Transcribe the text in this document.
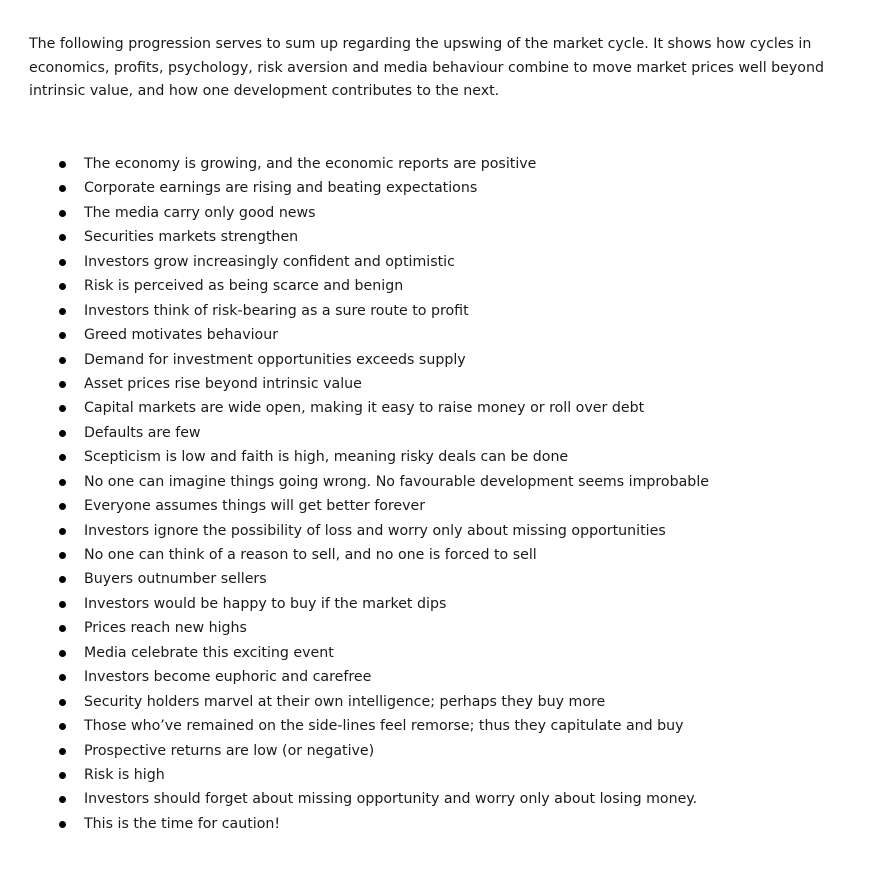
The following progression serves to sum up regarding the upswing of the market cycle. It shows how cycles in economics, profits, psychology, risk aversion and media behaviour combine to move market prices well beyond intrinsic value, and how one development contributes to the next.

The economy is growing, and the economic reports are positive
Corporate earnings are rising and beating expectations
The media carry only good news
Securities markets strengthen
Investors grow increasingly confident and optimistic
Risk is perceived as being scarce and benign
Investors think of risk-bearing as a sure route to profit
Greed motivates behaviour
Demand for investment opportunities exceeds supply
Asset prices rise beyond intrinsic value
Capital markets are wide open, making it easy to raise money or roll over debt
Defaults are few
Scepticism is low and faith is high, meaning risky deals can be done
No one can imagine things going wrong. No favourable development seems improbable
Everyone assumes things will get better forever
Investors ignore the possibility of loss and worry only about missing opportunities
No one can think of a reason to sell, and no one is forced to sell
Buyers outnumber sellers
Investors would be happy to buy if the market dips
Prices reach new highs
Media celebrate this exciting event
Investors become euphoric and carefree
Security holders marvel at their own intelligence; perhaps they buy more
Those who’ve remained on the side-lines feel remorse; thus they capitulate and buy
Prospective returns are low (or negative)
Risk is high
Investors should forget about missing opportunity and worry only about losing money.
This is the time for caution!
